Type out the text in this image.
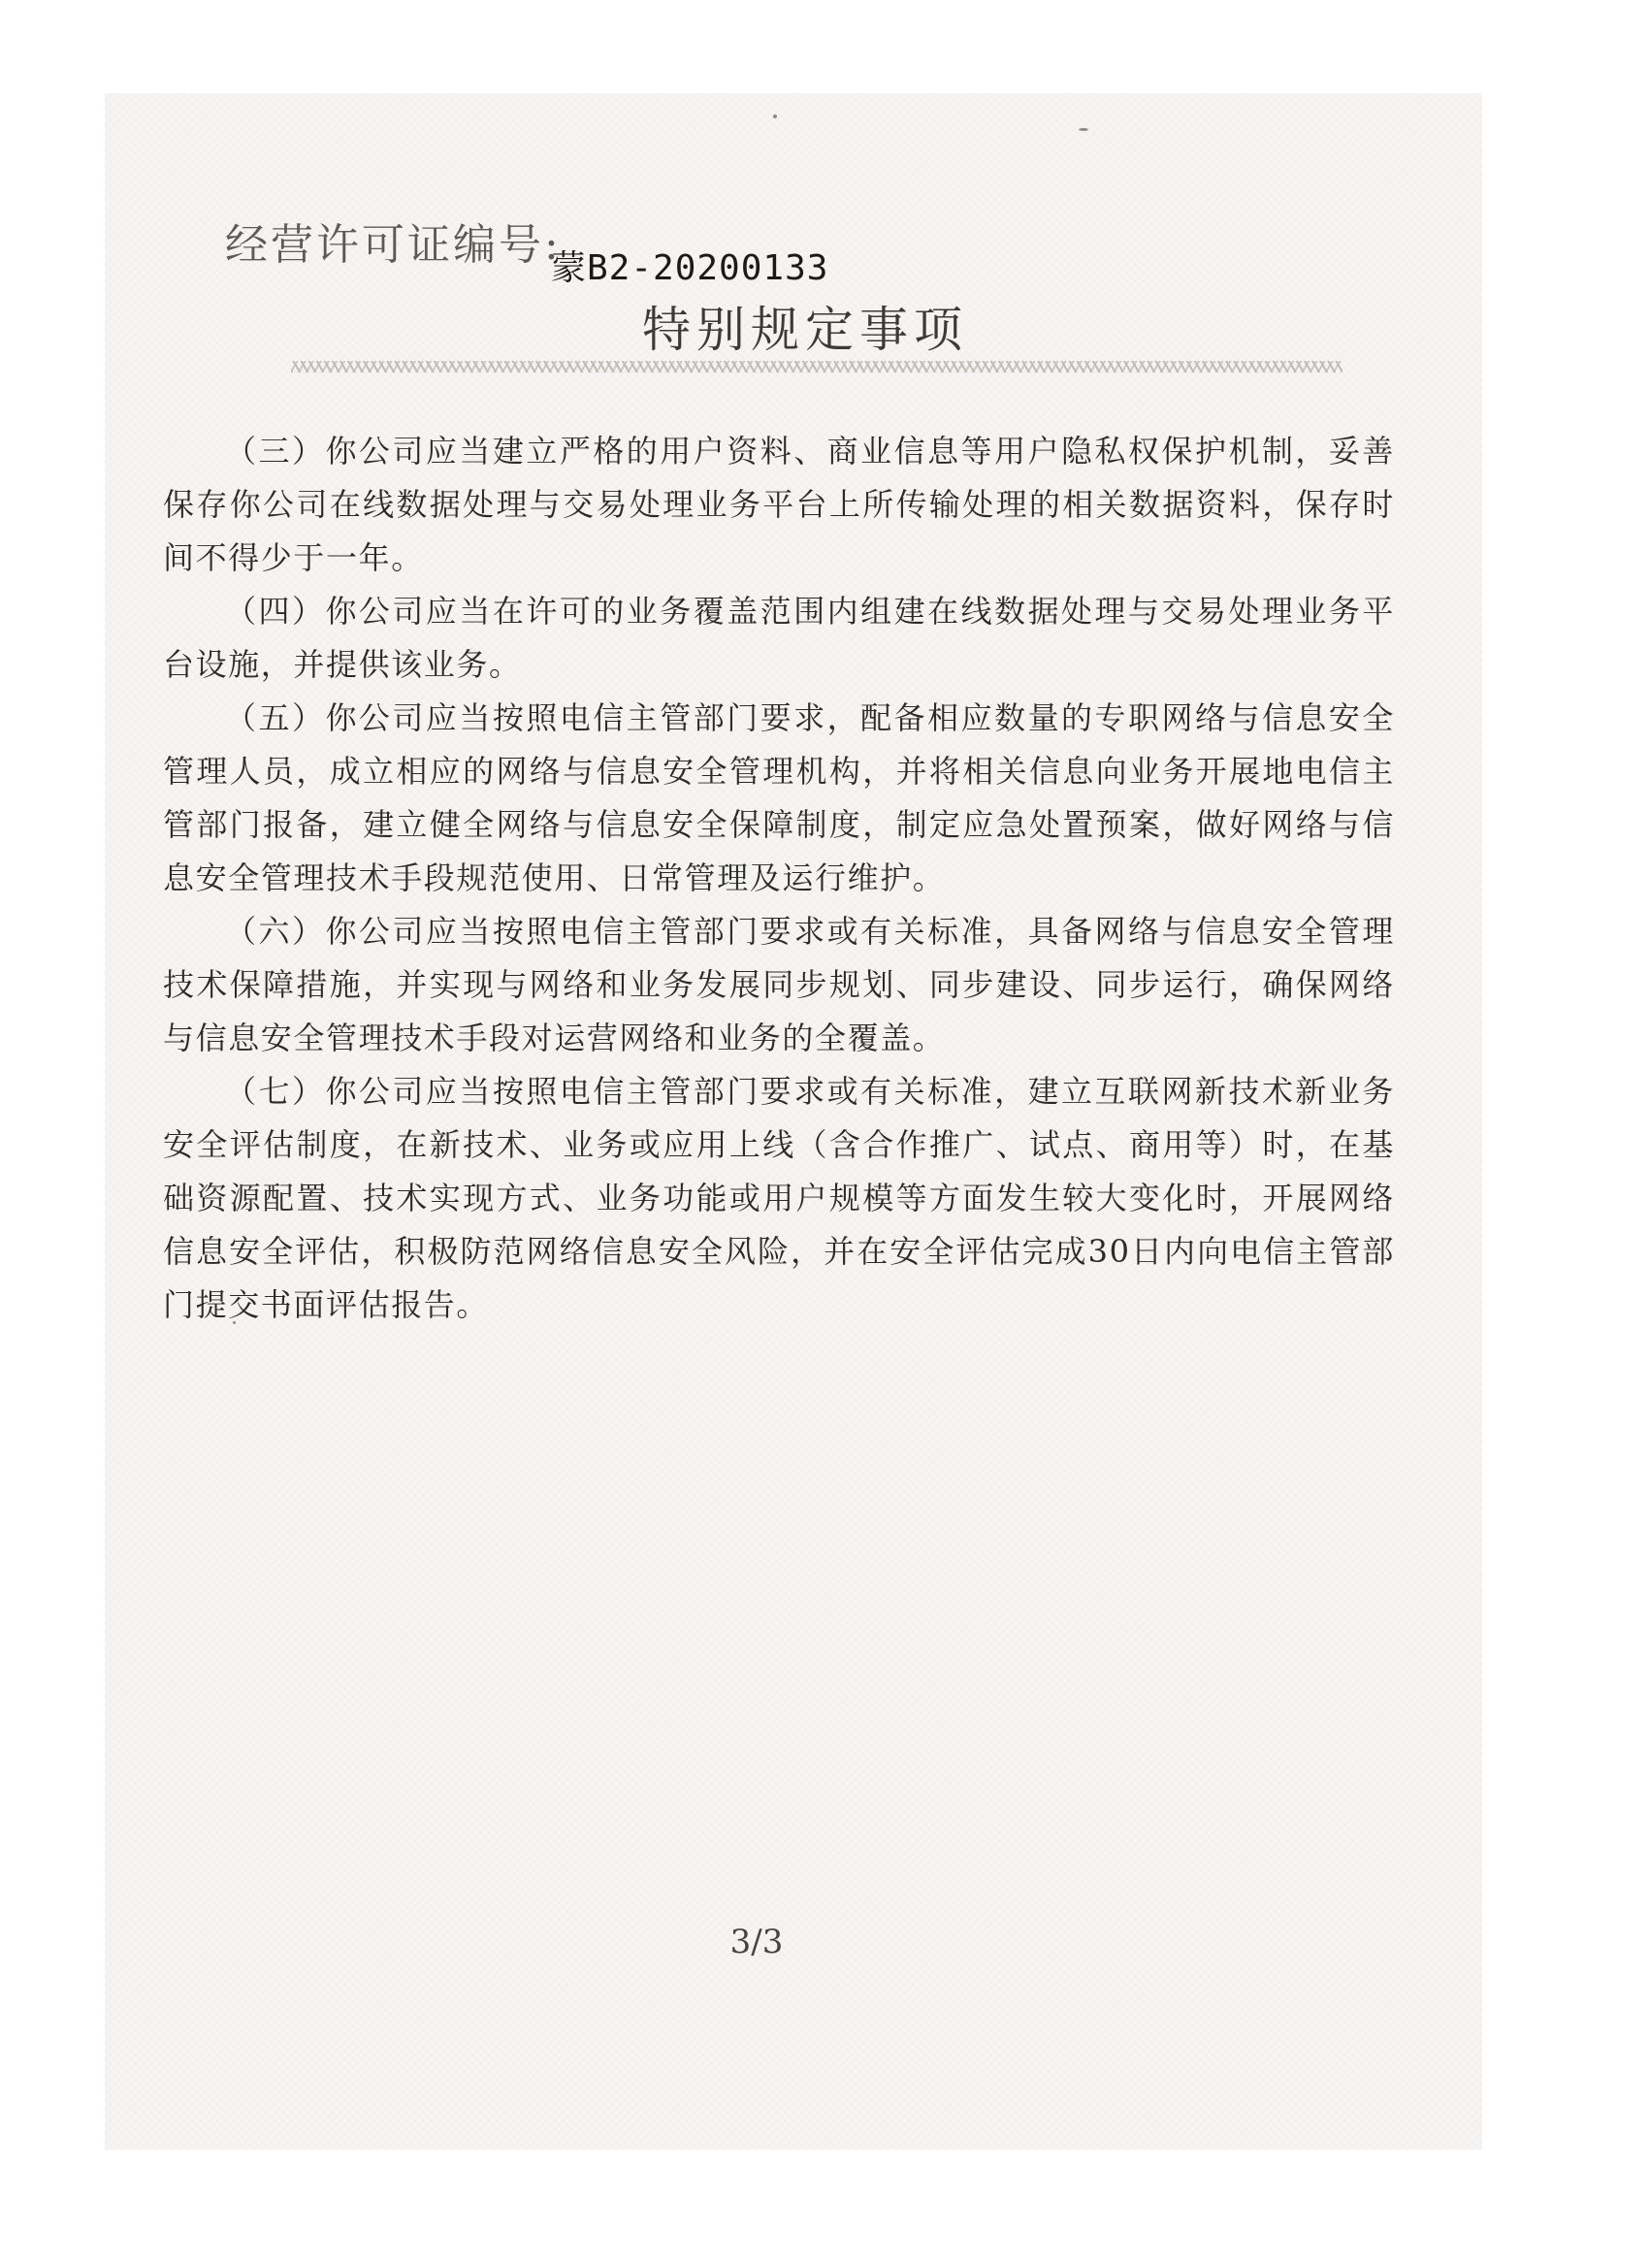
经营许可证编号:
蒙B2-20200133
特别规定事项

（三）你公司应当建立严格的用户资料、商业信息等用户隐私权保护机制，妥善保存你公司在线数据处理与交易处理业务平台上所传输处理的相关数据资料，保存时间不得少于一年。

（四）你公司应当在许可的业务覆盖范围内组建在线数据处理与交易处理业务平台设施，并提供该业务。

（五）你公司应当按照电信主管部门要求，配备相应数量的专职网络与信息安全管理人员，成立相应的网络与信息安全管理机构，并将相关信息向业务开展地电信主管部门报备，建立健全网络与信息安全保障制度，制定应急处置预案，做好网络与信息安全管理技术手段规范使用、日常管理及运行维护。

（六）你公司应当按照电信主管部门要求或有关标准，具备网络与信息安全管理技术保障措施，并实现与网络和业务发展同步规划、同步建设、同步运行，确保网络与信息安全管理技术手段对运营网络和业务的全覆盖。

（七）你公司应当按照电信主管部门要求或有关标准，建立互联网新技术新业务安全评估制度，在新技术、业务或应用上线（含合作推广、试点、商用等）时，在基础资源配置、技术实现方式、业务功能或用户规模等方面发生较大变化时，开展网络信息安全评估，积极防范网络信息安全风险，并在安全评估完成30日内向电信主管部门提交书面评估报告。

3/3
